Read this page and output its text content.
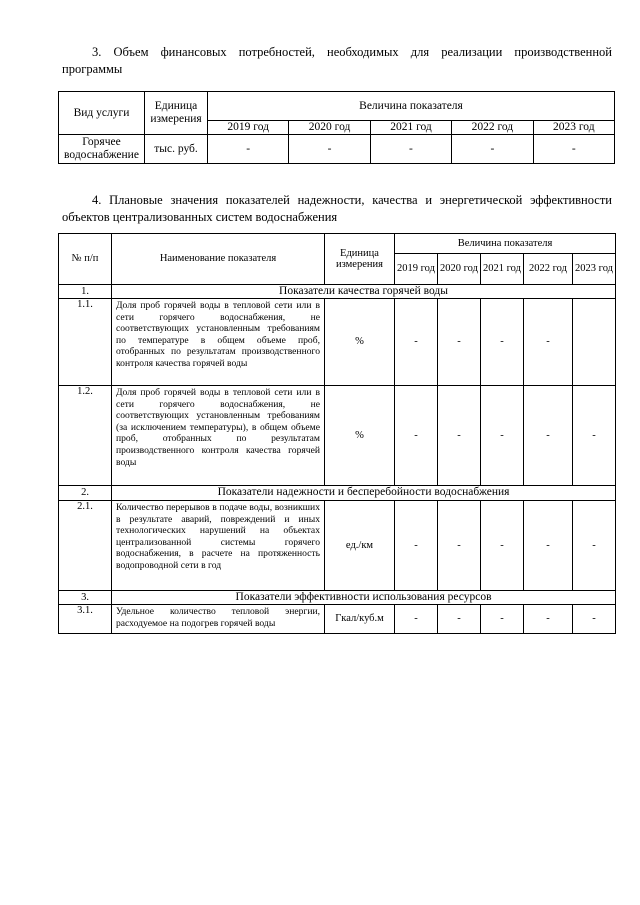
3. Объем финансовых потребностей, необходимых для реализации производственной программы

Вид услуги	Единица измерения	Величина показателя				
		2019 год	2020 год	2021 год	2022 год	2023 год
Горячее водоснабжение	тыс. руб.	-	-	-	-	-

4. Плановые значения показателей надежности, качества и энергетической эффективности объектов централизованных систем водоснабжения

№ п/п	Наименование показателя	Единица измерения	Величина показателя				
			2019 год	2020 год	2021 год	2022 год	2023 год
1.	Показатели качества горячей воды						
1.1.	Доля проб горячей воды в тепловой сети или в сети горячего водоснабжения, не соответствующих установленным требованиям по температуре в общем объеме проб, отобранных по результатам производственного контроля качества горячей воды	%	-	-	-	-	
1.2.	Доля проб горячей воды в тепловой сети или в сети горячего водоснабжения, не соответствующих установленным требованиям (за исключением температуры), в общем объеме проб, отобранных по результатам производственного контроля качества горячей воды	%	-	-	-	-	-
2.	Показатели надежности и бесперебойности водоснабжения						
2.1.	Количество перерывов в подаче воды, возникших в результате аварий, повреждений и иных технологических нарушений на объектах централизованной системы горячего водоснабжения, в расчете на протяженность водопроводной сети в год	ед./км	-	-	-	-	-
3.	Показатели эффективности использования ресурсов						
3.1.	Удельное количество тепловой энергии, расходуемое на подогрев горячей воды	Гкал/куб.м	-	-	-	-	-
